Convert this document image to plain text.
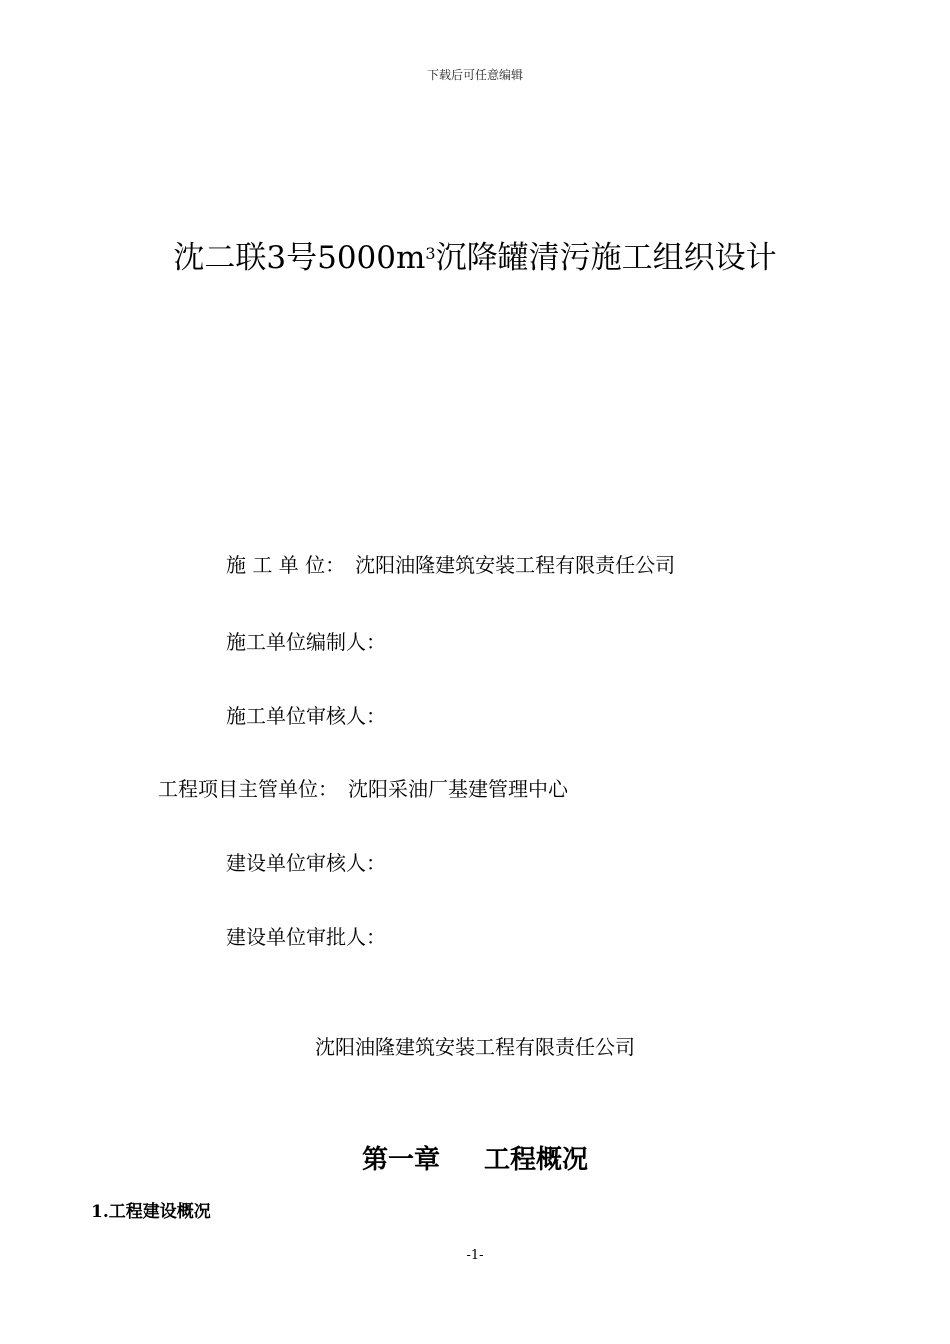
下载后可任意编辑
沈二联3号$5000m^3$沉降罐清污施工组织设计
施 工 单 位： 沈阳油隆建筑安装工程有限责任公司
施工单位编制人：
施工单位审核人：
工程项目主管单位： 沈阳采油厂基建管理中心
建设单位审核人：
建设单位审批人：
沈阳油隆建筑安装工程有限责任公司
第一章 工程概况
1.工程建设概况
-1-
